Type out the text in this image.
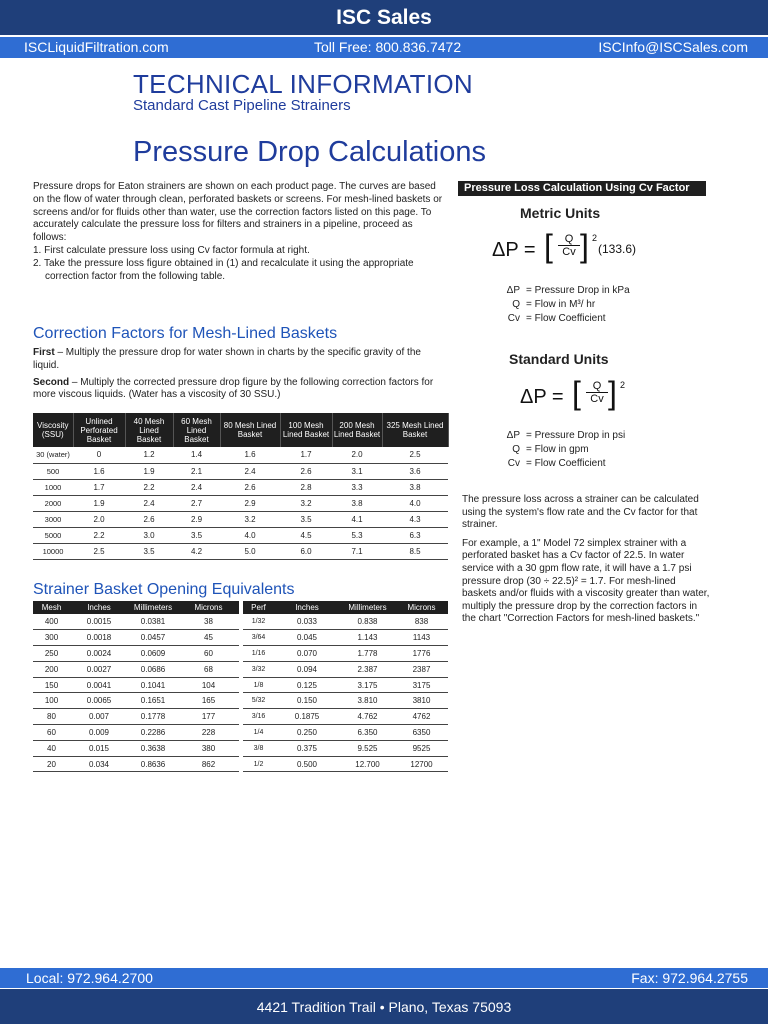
ISC Sales
ISCLiquidFiltration.com	Toll Free: 800.836.7472	ISCInfo@ISCSales.com
TECHNICAL INFORMATION
Standard Cast Pipeline Strainers
Pressure Drop Calculations

Pressure drops for Eaton strainers are shown on each product page. The curves are based on the flow of water through clean, perforated baskets or screens. For mesh-lined baskets or screens and/or for fluids other than water, use the correction factors listed on this page. To accurately calculate the pressure loss for filters and strainers in a pipeline, proceed as follows:

1. First calculate pressure loss using Cv factor formula at right.

2. Take the pressure loss figure obtained in (1) and recalculate it using the appropriate correction factor from the following table.

Correction Factors for Mesh-Lined Baskets

First – Multiply the pressure drop for water shown in charts by the specific gravity of the liquid.

Second – Multiply the corrected pressure drop figure by the following correction factors for more viscous liquids. (Water has a viscosity of 30 SSU.)

Viscosity (SSU)	Unlined Perforated Basket	40 Mesh Lined Basket	60 Mesh Lined Basket	80 Mesh Lined Basket	100 Mesh Lined Basket	200 Mesh Lined Basket	325 Mesh Lined Basket
30 (water)	0	1.2	1.4	1.6	1.7	2.0	2.5
500	1.6	1.9	2.1	2.4	2.6	3.1	3.6
1000	1.7	2.2	2.4	2.6	2.8	3.3	3.8
2000	1.9	2.4	2.7	2.9	3.2	3.8	4.0
3000	2.0	2.6	2.9	3.2	3.5	4.1	4.3
5000	2.2	3.0	3.5	4.0	4.5	5.3	6.3
10000	2.5	3.5	4.2	5.0	6.0	7.1	8.5
Strainer Basket Opening Equivalents
Mesh	Inches	Millimeters	Microns		Perf	Inches	Millimeters	Microns
400	0.0015	0.0381	38		1/32	0.033	0.838	838
300	0.0018	0.0457	45		3/64	0.045	1.143	1143
250	0.0024	0.0609	60		1/16	0.070	1.778	1776
200	0.0027	0.0686	68		3/32	0.094	2.387	2387
150	0.0041	0.1041	104		1/8	0.125	3.175	3175
100	0.0065	0.1651	165		5/32	0.150	3.810	3810
80	0.007	0.1778	177		3/16	0.1875	4.762	4762
60	0.009	0.2286	228		1/4	0.250	6.350	6350
40	0.015	0.3638	380		3/8	0.375	9.525	9525
20	0.034	0.8636	862		1/2	0.500	12.700	12700
Pressure Loss Calculation Using Cv Factor
Metric Units
ΔP = [ $\frac{Q}{Cv}$ ] 2
(133.6)
ΔP = Pressure Drop in kPa
Q = Flow in M³/ hr
Cv = Flow Coefficient
Standard Units
ΔP = [ $\frac{Q}{Cv}$ ] 2
ΔP = Pressure Drop in psi
Q = Flow in gpm
Cv = Flow Coefficient

The pressure loss across a strainer can be calculated using the system's flow rate and the Cv factor for that strainer.

For example, a 1" Model 72 simplex strainer with a perforated basket has a Cv factor of 22.5. In water service with a 30 gpm flow rate, it will have a 1.7 psi pressure drop (30 ÷ 22.5)² = 1.7. For mesh-lined baskets and/or fluids with a viscosity greater than water, multiply the pressure drop by the correction factors in the chart "Correction Factors for mesh-lined baskets."

Local: 972.964.2700	Fax: 972.964.2755
4421 Tradition Trail • Plano, Texas 75093
